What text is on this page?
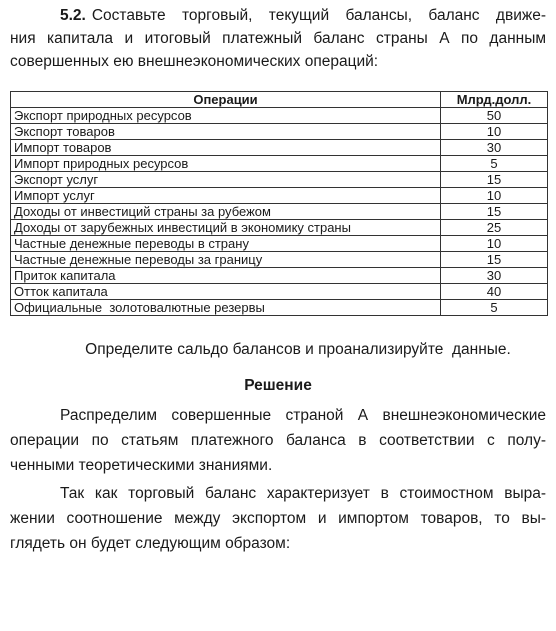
5.2. Составьте торговый, текущий балансы, баланс движе-
ния капитала и итоговый платежный баланс страны А по данным
совершенных ею внешнеэкономических операций:
Операции	Млрд.долл.
Экспорт природных ресурсов	50
Экспорт товаров	10
Импорт товаров	30
Импорт природных ресурсов	5
Экспорт услуг	15
Импорт услуг	10
Доходы от инвестиций страны за рубежом	15
Доходы от зарубежных инвестиций в экономику страны	25
Частные денежные переводы в страну	10
Частные денежные переводы за границу	15
Приток капитала	30
Отток капитала	40
Официальные  золотовалютные резервы	5
Определите сальдо балансов и проанализируйте  данные.
Решение
Распределим совершенные страной А внешнеэкономические
операции по статьям платежного баланса в соответствии с полу-
ченными теоретическими знаниями.
Так как торговый баланс характеризует в стоимостном выра-
жении соотношение между экспортом и импортом товаров, то вы-
глядеть он будет следующим образом:
